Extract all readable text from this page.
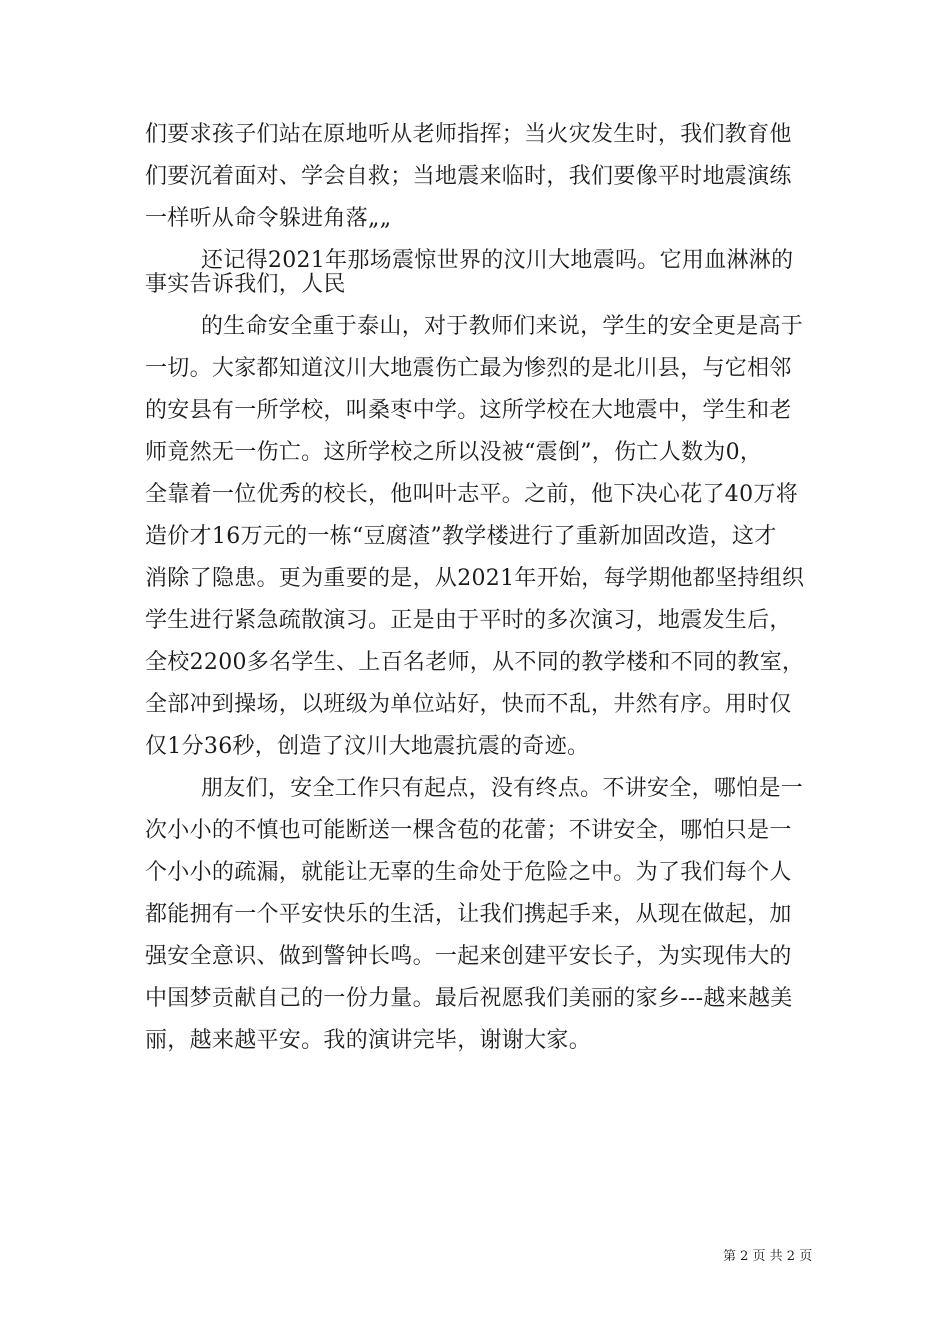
们要求孩子们站在原地听从老师指挥；当火灾发生时，我们教育他
们要沉着面对、学会自救；当地震来临时，我们要像平时地震演练
一样听从命令躲进角落„„
还记得2021年那场震惊世界的汶川大地震吗。它用血淋淋的
事实告诉我们，人民
的生命安全重于泰山，对于教师们来说，学生的安全更是高于
一切。大家都知道汶川大地震伤亡最为惨烈的是北川县，与它相邻
的安县有一所学校，叫桑枣中学。这所学校在大地震中，学生和老
师竟然无一伤亡。这所学校之所以没被“震倒”，伤亡人数为0，
全靠着一位优秀的校长，他叫叶志平。之前，他下决心花了40万将
造价才16万元的一栋“豆腐渣”教学楼进行了重新加固改造，这才
消除了隐患。更为重要的是，从2021年开始，每学期他都坚持组织
学生进行紧急疏散演习。正是由于平时的多次演习，地震发生后，
全校2200多名学生、上百名老师，从不同的教学楼和不同的教室，
全部冲到操场，以班级为单位站好，快而不乱，井然有序。用时仅
仅1分36秒，创造了汶川大地震抗震的奇迹。
朋友们，安全工作只有起点，没有终点。不讲安全，哪怕是一
次小小的不慎也可能断送一棵含苞的花蕾；不讲安全，哪怕只是一
个小小的疏漏，就能让无辜的生命处于危险之中。为了我们每个人
都能拥有一个平安快乐的生活，让我们携起手来，从现在做起，加
强安全意识、做到警钟长鸣。一起来创建平安长子，为实现伟大的
中国梦贡献自己的一份力量。最后祝愿我们美丽的家乡---越来越美
丽，越来越平安。我的演讲完毕，谢谢大家。
第 2 页 共 2 页
